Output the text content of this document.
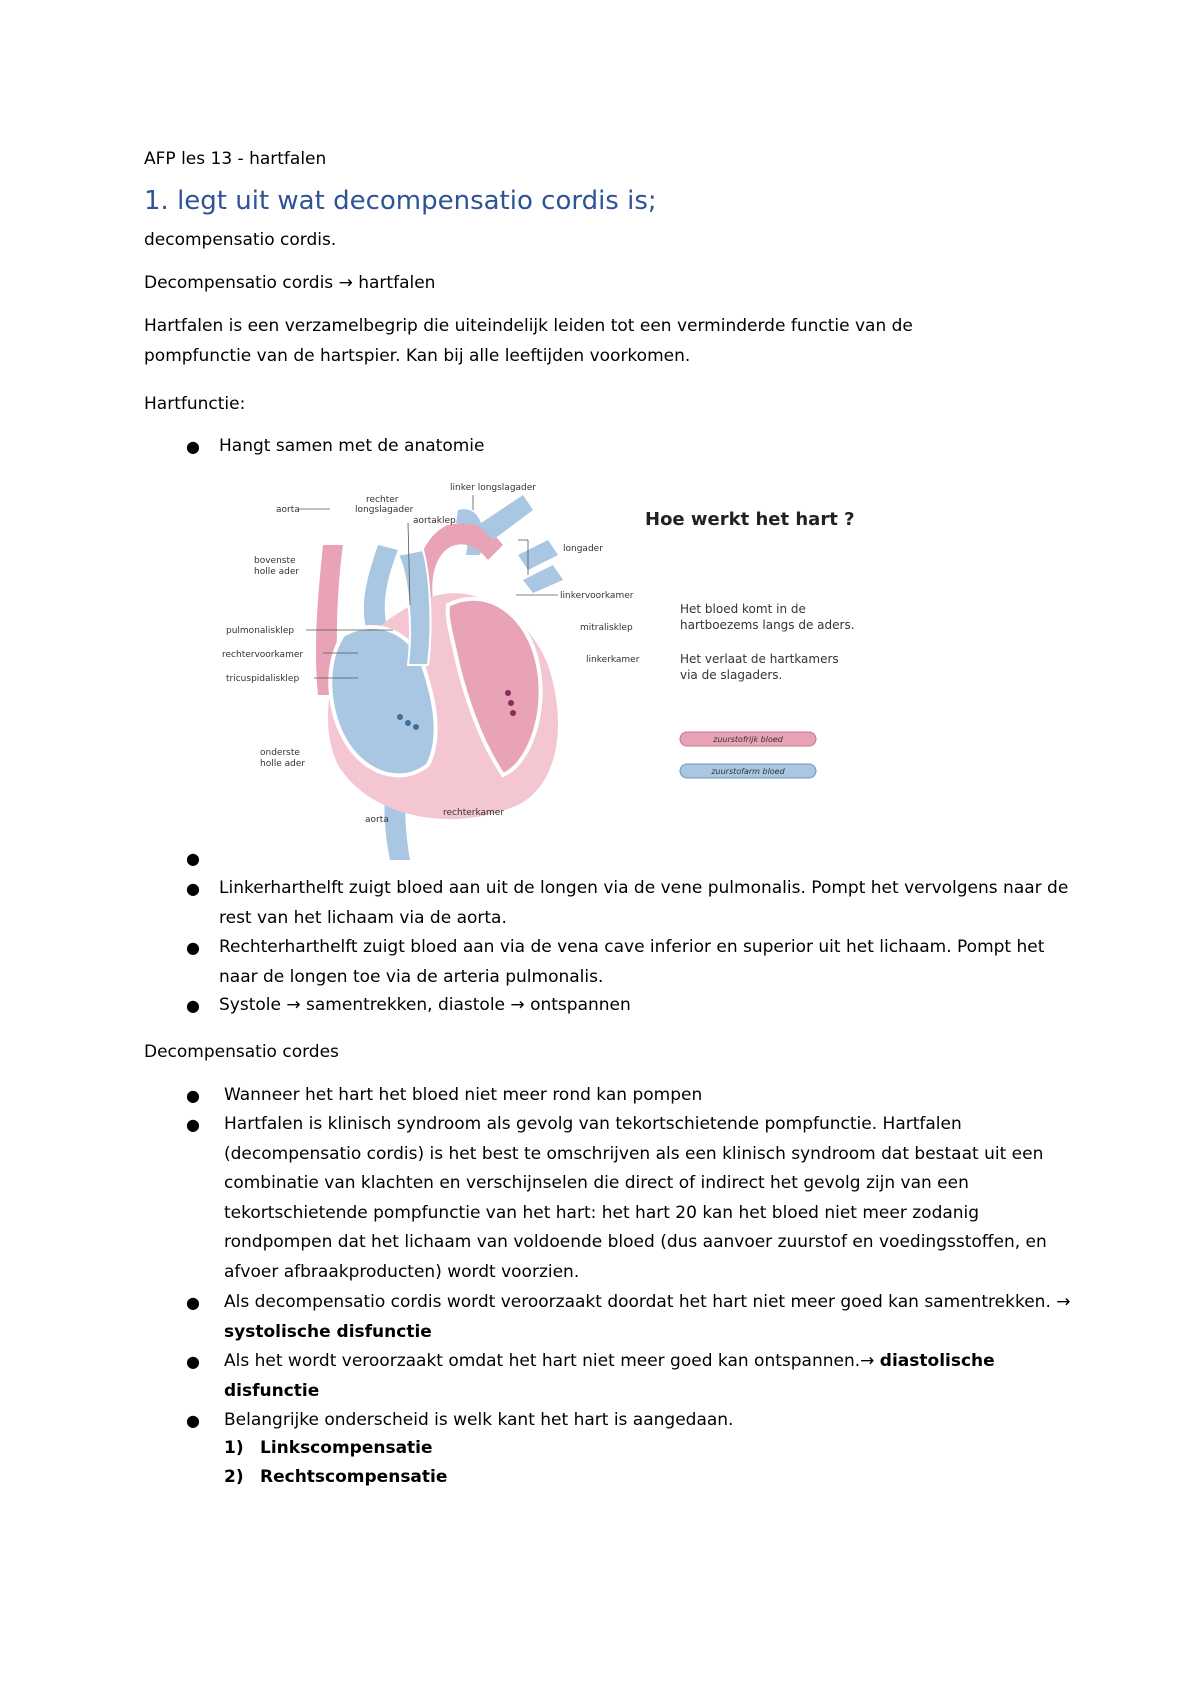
AFP les 13 - hartfalen
1. legt uit wat decompensatio cordis is;
decompensatio cordis.
Decompensatio cordis → hartfalen
Hartfalen is een verzamelbegrip die uiteindelijk leiden tot een verminderde functie van de pompfunctie van de hartspier. Kan bij alle leeftijden voorkomen.
Hartfunctie:
● Hangt samen met de anatomie
linker longslagader
rechter
longslagader
aorta
aortaklep
longader
bovenste
holle ader
linkervoorkamer
mitralisklep
pulmonalisklep
rechtervoorkamer	linkerkamer
tricuspidalisklep
onderste
holle ader
aorta
rechterkamer
Hoe werkt het hart ?
Het bloed komt in de
hartboezems langs de aders.
Het verlaat de hartkamers
via de slagaders.
zuurstofrijk bloed
zuurstofarm bloed
●
● Linkerharthelft zuigt bloed aan uit de longen via de vene pulmonalis. Pompt het vervolgens naar de rest van het lichaam via de aorta.
● Rechterharthelft zuigt bloed aan via de vena cave inferior en superior uit het lichaam. Pompt het naar de longen toe via de arteria pulmonalis.
● Systole → samentrekken, diastole → ontspannen
Decompensatio cordes
● Wanneer het hart het bloed niet meer rond kan pompen
● Hartfalen is klinisch syndroom als gevolg van tekortschietende pompfunctie. Hartfalen (decompensatio cordis) is het best te omschrijven als een klinisch syndroom dat bestaat uit een combinatie van klachten en verschijnselen die direct of indirect het gevolg zijn van een tekortschietende pompfunctie van het hart: het hart 20 kan het bloed niet meer zodanig rondpompen dat het lichaam van voldoende bloed (dus aanvoer zuurstof en voedingsstoffen, en afvoer afbraakproducten) wordt voorzien.
● Als decompensatio cordis wordt veroorzaakt doordat het hart niet meer goed kan samentrekken. → systolische disfunctie
● Als het wordt veroorzaakt omdat het hart niet meer goed kan ontspannen.→ diastolische disfunctie
● Belangrijke onderscheid is welk kant het hart is aangedaan.
1) Linkscompensatie
2) Rechtscompensatie
